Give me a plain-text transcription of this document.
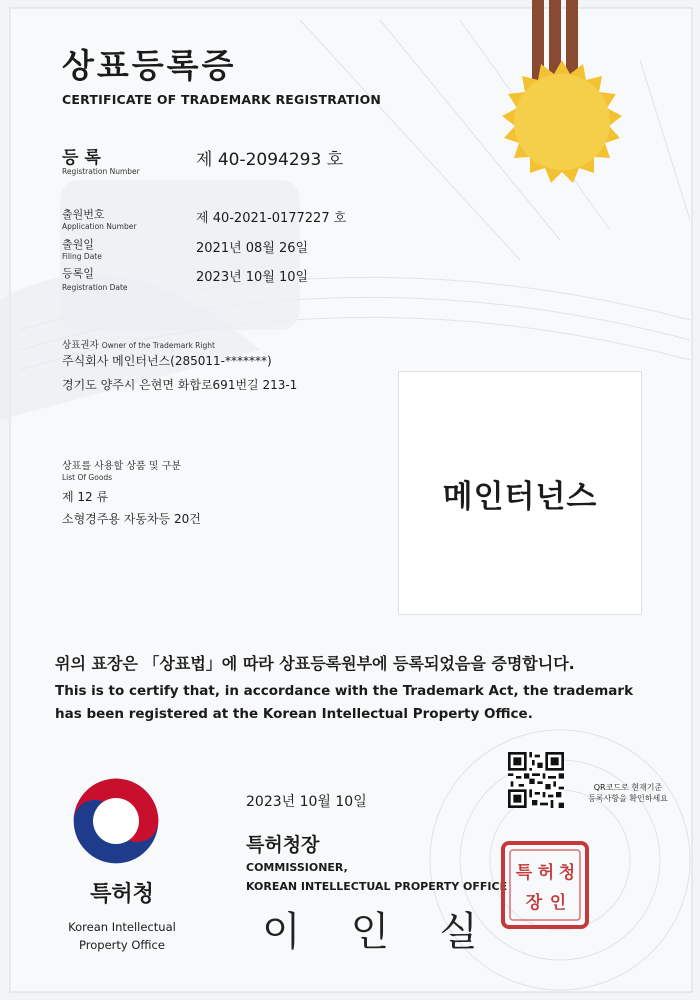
상표등록증
CERTIFICATE OF TRADEMARK REGISTRATION
등 록
Registration Number
제 40-2094293 호
출원번호
Application Number
제 40-2021-0177227 호
출원일
Filing Date
2021년 08월 26일
등록일
Registration Date
2023년 10월 10일
상표권자 Owner of the Trademark Right
주식회사 메인터넌스(285011-*******)
경기도 양주시 은현면 화합로691번길 213-1
상표를 사용할 상품 및 구분
List Of Goods
제 12 류
소형경주용 자동차등 20건
메인터넌스
위의 표장은 「상표법」에 따라 상표등록원부에 등록되었음을 증명합니다.
This is to certify that, in accordance with the Trademark Act, the trademark
has been registered at the Korean Intellectual Property Office.
QR코드로 현재기준
등록사항을 확인하세요
2023년 10월 10일
특허청장
COMMISSIONER,
KOREAN INTELLECTUAL PROPERTY OFFICE
이인실
특 허 청
장 인
특허청
Korean Intellectual
Property Office
